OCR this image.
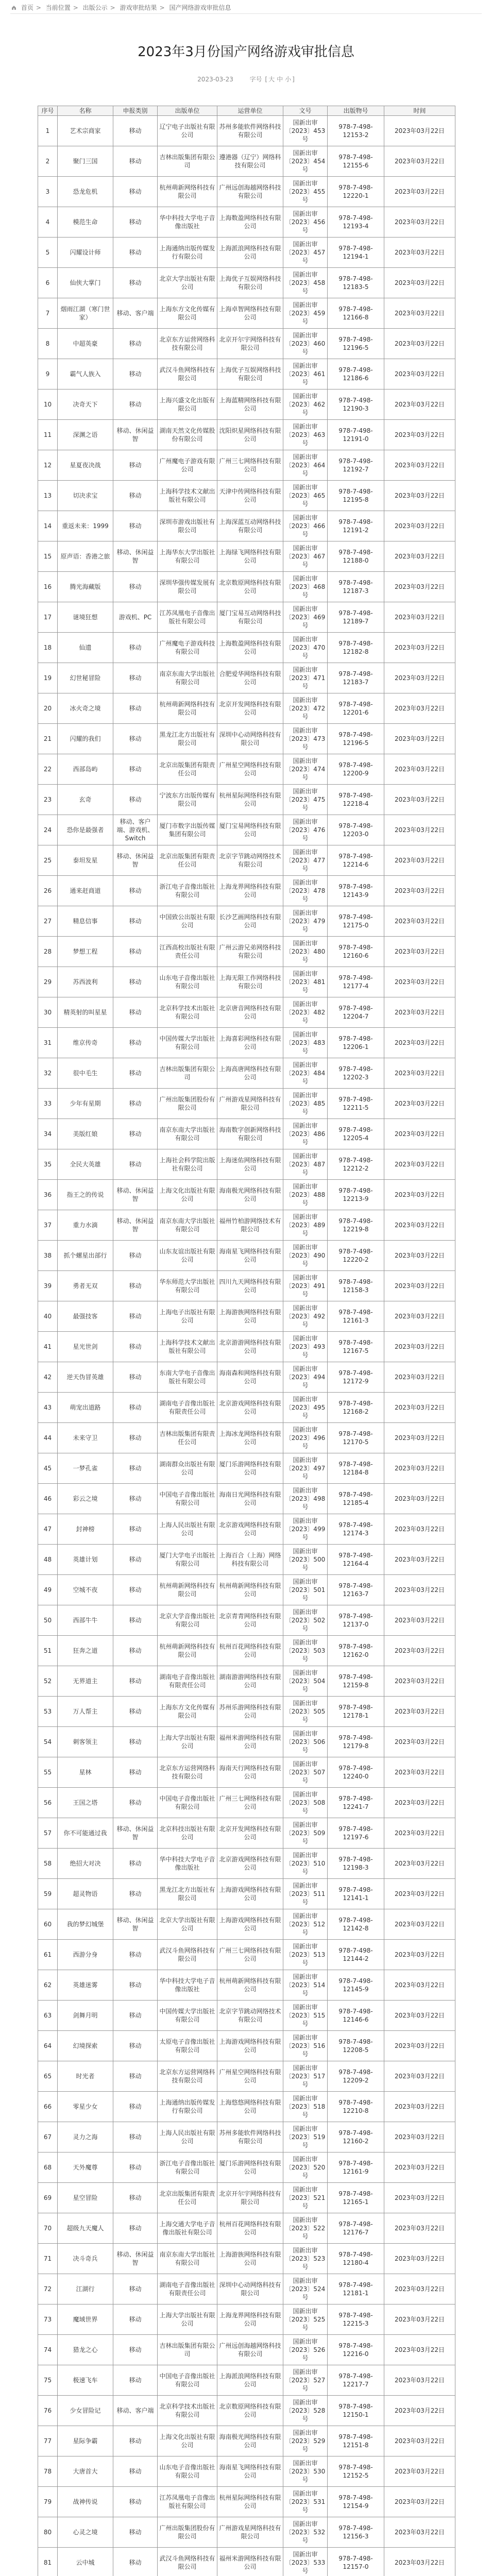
首页 > 当前位置 > 出版公示 > 游戏审批结果 > 国产网络游戏审批信息
2023年3月份国产网络游戏审批信息
2023-03-23	字号 [ 大 中 小 ]
序号	名称	申报类别	出版单位	运营单位	文号	出版物号	时间
1	艺术宗商家	移动	辽宁电子出版社有限公司	苏州多能软件网络科技有限公司	国新出审〔2023〕453号	978-7-498-12153-2	2023年03月22日
2	聚门三国	移动	吉林出版集团有限公司	遵港器（辽宁）网络科技有限公司	国新出审〔2023〕454号	978-7-498-12155-6	2023年03月22日
3	恐龙危机	移动	杭州萌新网络科技有限公司	广州远创海越网络科技有限公司	国新出审〔2023〕455号	978-7-498-12220-1	2023年03月22日
4	模范生命	移动	华中科技大学电子音像出版社	上海数盈网络科技有限公司	国新出审〔2023〕456号	978-7-498-12193-4	2023年03月22日
5	闪耀设计师	移动	上海通纳出版传媒发行有限公司	上海派浪网络科技有限公司	国新出审〔2023〕457号	978-7-498-12194-1	2023年03月22日
6	仙侠大掌门	移动	北京大学出版社有限公司	上海优子互娱网络科技有限公司	国新出审〔2023〕458号	978-7-498-12183-5	2023年03月22日
7	烟雨江湖（寒门世家）	移动、客户端	上海东方文化传媒有限公司	上海卓智网络科技有限公司	国新出审〔2023〕459号	978-7-498-12166-8	2023年03月22日
8	中超英豪	移动	北京东方运营网络科技有限公司	北京开尔宇网络科技有限公司	国新出审〔2023〕460号	978-7-498-12196-5	2023年03月22日
9	霸气人族入	移动	武汉斗鱼网络科技有限公司	上海优子互娱网络科技有限公司	国新出审〔2023〕461号	978-7-498-12186-6	2023年03月22日
10	决奇天下	移动	上海兴盛文化出版有限公司	上海蓝精网络科技有限公司	国新出审〔2023〕462号	978-7-498-12190-3	2023年03月22日
11	深渊之语	移动、休闲益智	湖南天然文化传媒股份有限公司	沈阳炽星网络科技有限公司	国新出审〔2023〕463号	978-7-498-12191-0	2023年03月22日
12	星夏夜决战	移动	广州魔电子游戏有限公司	广州三七网络科技有限公司	国新出审〔2023〕464号	978-7-498-12192-7	2023年03月22日
13	切决求宝	移动	上海科学技术文献出版社有限公司	天津中传网络科技有限公司	国新出审〔2023〕465号	978-7-498-12195-8	2023年03月22日
14	重返未来：1999	移动	深圳市游戏出版社有限公司	上海深蓝互动网络科技有限公司	国新出审〔2023〕466号	978-7-498-12191-2	2023年03月22日
15	原声语：香港之旅	移动、休闲益智	上海华东大学出版社有限公司	上海绿飞网络科技有限公司	国新出审〔2023〕467号	978-7-498-12188-0	2023年03月22日
16	腾光海藏版	移动	深圳华强传媒发展有限公司	北京数原网络科技有限公司	国新出审〔2023〕468号	978-7-498-12187-3	2023年03月22日
17	谜境狂想	游戏机、PC	江苏凤凰电子音像出版社有限公司	厦门宝易互动网络科技有限公司	国新出审〔2023〕469号	978-7-498-12189-7	2023年03月22日
18	仙遗	移动	广州魔电子游戏科技有限公司	上海数盈网络科技有限公司	国新出审〔2023〕470号	978-7-498-12182-8	2023年03月22日
19	幻世秘冒险	移动	南京东南大学出版社有限公司	合肥爱华网络科技有限公司	国新出审〔2023〕471号	978-7-498-12183-7	2023年03月22日
20	冰火奇之境	移动	杭州萌新网络科技有限公司	北京开发网络科技有限公司	国新出审〔2023〕472号	978-7-498-12201-6	2023年03月22日
21	闪耀的我们	移动	黑龙江北方出版社有限公司	深圳中心动网络科技有限公司	国新出审〔2023〕473号	978-7-498-12196-5	2023年03月22日
22	西部岛屿	移动	北京出版集团有限责任公司	广州星空网络科技有限公司	国新出审〔2023〕474号	978-7-498-12200-9	2023年03月22日
23	玄奇	移动	宁波东方出版传媒有限公司	杭州星际网络科技有限公司	国新出审〔2023〕475号	978-7-498-12218-4	2023年03月22日
24	恐你是最强者	移动、客户端、游戏机、Switch	厦门市数字出版传媒集团有限公司	厦门宝易网络科技有限公司	国新出审〔2023〕476号	978-7-498-12203-0	2023年03月22日
25	泰坦发星	移动、休闲益智	北京出版集团有限责任公司	北京字节跳动网络技术有限公司	国新出审〔2023〕477号	978-7-498-12214-6	2023年03月22日
26	通来赶商道	移动	浙江电子音像出版社有限公司	上海龙界网络科技有限公司	国新出审〔2023〕478号	978-7-498-12143-9	2023年03月22日
27	精息信事	移动	中国致公出版社有限公司	长沙艺画网络科技有限公司	国新出审〔2023〕479号	978-7-498-12175-0	2023年03月22日
28	梦想工程	移动	江西高校出版社有限责任公司	广州云游兄弟网络科技有限公司	国新出审〔2023〕480号	978-7-498-12160-6	2023年03月22日
29	苏西波利	移动	山东电子音像出版社有限公司	上海无限工作网络科技有限公司	国新出审〔2023〕481号	978-7-498-12177-4	2023年03月22日
30	精英射的叫星星	移动	北京科学技术出版社有限公司	北京唐音网络科技有限公司	国新出审〔2023〕482号	978-7-498-12204-7	2023年03月22日
31	维京传奇	移动	中国传媒大学出版社有限公司	上海喜彩网络科技有限公司	国新出审〔2023〕483号	978-7-498-12206-1	2023年03月22日
32	很中毛生	移动	吉林出版集团有限公司	上海高唐网络科技有限公司	国新出审〔2023〕484号	978-7-498-12202-3	2023年03月22日
33	少年有星期	移动	广州出版集团股份有限公司	广州游戏星网络科技有限公司	国新出审〔2023〕485号	978-7-498-12211-5	2023年03月22日
34	美版红娘	移动	南京东南大学出版社有限公司	海南数字创新网络科技有限公司	国新出审〔2023〕486号	978-7-498-12205-4	2023年03月22日
35	全民大英雄	移动	上海社会科学院出版社有限公司	上海迷佑网络科技有限公司	国新出审〔2023〕487号	978-7-498-12212-2	2023年03月22日
36	指王之的传说	移动、休闲益智	上海文化出版社有限公司	海南极光网络科技有限公司	国新出审〔2023〕488号	978-7-498-12213-9	2023年03月22日
37	重力水滴	移动、休闲益智	南京东南大学出版社有限公司	福州竹柏游网络技术有限公司	国新出审〔2023〕489号	978-7-498-12219-8	2023年03月22日
38	抓个螺星出部行	移动	山东友谊出版社有限公司	海南星飞网络科技有限公司	国新出审〔2023〕490号	978-7-498-12220-2	2023年03月22日
39	勇者无双	移动	华东师范大学出版社有限公司	四川九天网络科技有限公司	国新出审〔2023〕491号	978-7-498-12158-3	2023年03月22日
40	最强技客	移动	上海电子出版社有限公司	上海游族网络科技有限公司	国新出审〔2023〕492号	978-7-498-12161-3	2023年03月22日
41	星光世剑	移动	上海科学技术文献出版社有限公司	北京游游网络科技有限公司	国新出审〔2023〕493号	978-7-498-12167-5	2023年03月22日
42	逆天伪冒英雄	移动	东南大学电子音像出版社有限公司	海南森和网络科技有限公司	国新出审〔2023〕494号	978-7-498-12172-9	2023年03月22日
43	萌宠出道路	移动	湖南电子音像出版社有限责任公司	北京游戏网络科技有限公司	国新出审〔2023〕495号	978-7-498-12168-2	2023年03月22日
44	未来守卫	移动	吉林出版集团有限责任公司	上海冰龙网络科技有限公司	国新出审〔2023〕496号	978-7-498-12170-5	2023年03月22日
45	一梦孔雀	移动	湖南群众出版社有限公司	厦门乐游网络科技有限公司	国新出审〔2023〕497号	978-7-498-12184-8	2023年03月22日
46	彩云之境	移动	中国电子音像出版社有限公司	海南日光网络科技有限公司	国新出审〔2023〕498号	978-7-498-12185-4	2023年03月22日
47	封神榜	移动	上海人民出版社有限公司	北京游戏网络科技有限公司	国新出审〔2023〕499号	978-7-498-12174-3	2023年03月22日
48	英雄计划	移动	厦门大学电子出版社有限公司	上海百合（上海）网络科技有限公司	国新出审〔2023〕500号	978-7-498-12164-4	2023年03月22日
49	空城不夜	移动	杭州萌新网络科技有限公司	杭州萌新网络科技有限公司	国新出审〔2023〕501号	978-7-498-12163-7	2023年03月22日
50	西部牛牛	移动	北京大学音像出版社有限公司	北京青青网络科技有限公司	国新出审〔2023〕502号	978-7-498-12137-0	2023年03月22日
51	狂奔之道	移动	杭州萌新网络科技有限公司	杭州百花网络科技有限公司	国新出审〔2023〕503号	978-7-498-12162-0	2023年03月22日
52	无界道主	移动	湖南电子音像出版社有限责任公司	湖南游游网络科技有限公司	国新出审〔2023〕504号	978-7-498-12159-8	2023年03月22日
53	万人帮主	移动	上海东方文化传媒有限公司	苏州乐游网络科技有限公司	国新出审〔2023〕505号	978-7-498-12178-1	2023年03月22日
54	刺客领主	移动	上海大学出版社有限公司	福州米游网络科技有限公司	国新出审〔2023〕506号	978-7-498-12179-8	2023年03月22日
55	星林	移动	北京东方运营网络科技有限公司	海南天行网络科技有限公司	国新出审〔2023〕507号	978-7-498-12240-0	2023年03月22日
56	王国之塔	移动	中国电子音像出版社有限公司	广州三七网络科技有限公司	国新出审〔2023〕508号	978-7-498-12241-7	2023年03月22日
57	你不可能通过我	移动、休闲益智	北京科技出版社有限公司	北京开发网络科技有限公司	国新出审〔2023〕509号	978-7-498-12197-6	2023年03月22日
58	绝招大对决	移动	华中科技大学电子音像出版社	北京游戏网络科技有限公司	国新出审〔2023〕510号	978-7-498-12198-3	2023年03月22日
59	超灵物语	移动	黑龙江北方出版社有限公司	上海游戏网络科技有限公司	国新出审〔2023〕511号	978-7-498-12141-1	2023年03月22日
60	我的梦幻城堡	移动、休闲益智	北京大学出版社有限公司	上海游戏网络科技有限公司	国新出审〔2023〕512号	978-7-498-12142-8	2023年03月22日
61	西游分身	移动	武汉斗鱼网络科技有限公司	广州三七网络科技有限公司	国新出审〔2023〕513号	978-7-498-12144-2	2023年03月22日
62	英雄迷雾	移动	华中科技大学电子音像出版社	杭州萌新网络科技有限公司	国新出审〔2023〕514号	978-7-498-12145-9	2023年03月22日
63	剑舞月明	移动	中国传媒大学出版社有限公司	北京字节跳动网络技术有限公司	国新出审〔2023〕515号	978-7-498-12146-6	2023年03月22日
64	幻境探索	移动	太原电子音像出版社有限公司	上海游戏网络科技有限公司	国新出审〔2023〕516号	978-7-498-12208-5	2023年03月22日
65	时光者	移动	北京东方运营网络科技有限公司	广州星空网络科技有限公司	国新出审〔2023〕517号	978-7-498-12209-2	2023年03月22日
66	零星少女	移动	上海通纳出版传媒发行有限公司	上海悠悠网络科技有限公司	国新出审〔2023〕518号	978-7-498-12210-8	2023年03月22日
67	灵力之海	移动	上海人民出版社有限公司	苏州多能软件网络科技有限公司	国新出审〔2023〕519号	978-7-498-12160-2	2023年03月22日
68	天外魔尊	移动	浙江电子音像出版社有限公司	厦门乐游网络科技有限公司	国新出审〔2023〕520号	978-7-498-12161-9	2023年03月22日
69	星空冒险	移动	北京出版集团有限责任公司	北京开尔宇网络科技有限公司	国新出审〔2023〕521号	978-7-498-12165-1	2023年03月22日
70	超级九天魔人	移动	上海交通大学电子音像出版社有限公司	杭州百花网络科技有限公司	国新出审〔2023〕522号	978-7-498-12176-7	2023年03月22日
71	决斗奇兵	移动、休闲益智	南京东南大学出版社有限公司	上海游族网络科技有限公司	国新出审〔2023〕523号	978-7-498-12180-4	2023年03月22日
72	江湖行	移动	湖南电子音像出版社有限责任公司	深圳中心动网络科技有限公司	国新出审〔2023〕524号	978-7-498-12181-1	2023年03月22日
73	魔域世界	移动	上海大学出版社有限公司	上海龙界网络科技有限公司	国新出审〔2023〕525号	978-7-498-12215-3	2023年03月22日
74	猎龙之心	移动	吉林出版集团有限公司	广州远创海越网络科技有限公司	国新出审〔2023〕526号	978-7-498-12216-0	2023年03月22日
75	极速飞车	移动	中国电子音像出版社有限公司	上海派浪网络科技有限公司	国新出审〔2023〕527号	978-7-498-12217-7	2023年03月22日
76	少女冒险记	移动、客户端	北京科学技术出版社有限公司	北京数原网络科技有限公司	国新出审〔2023〕528号	978-7-498-12150-1	2023年03月22日
77	星际争霸	移动	上海文化出版社有限公司	海南极光网络科技有限公司	国新出审〔2023〕529号	978-7-498-12151-8	2023年03月22日
78	大唐首大	移动	山东电子音像出版社有限公司	海南星飞网络科技有限公司	国新出审〔2023〕530号	978-7-498-12152-5	2023年03月22日
79	战神传说	移动	江苏凤凰电子音像出版社有限公司	杭州星际网络科技有限公司	国新出审〔2023〕531号	978-7-498-12154-9	2023年03月22日
80	心灵之境	移动	广州出版集团股份有限公司	广州游戏星网络科技有限公司	国新出审〔2023〕532号	978-7-498-12156-3	2023年03月22日
81	云中城	移动	武汉斗鱼网络科技有限公司	福州米游网络科技有限公司	国新出审〔2023〕533号	978-7-498-12157-0	2023年03月22日
